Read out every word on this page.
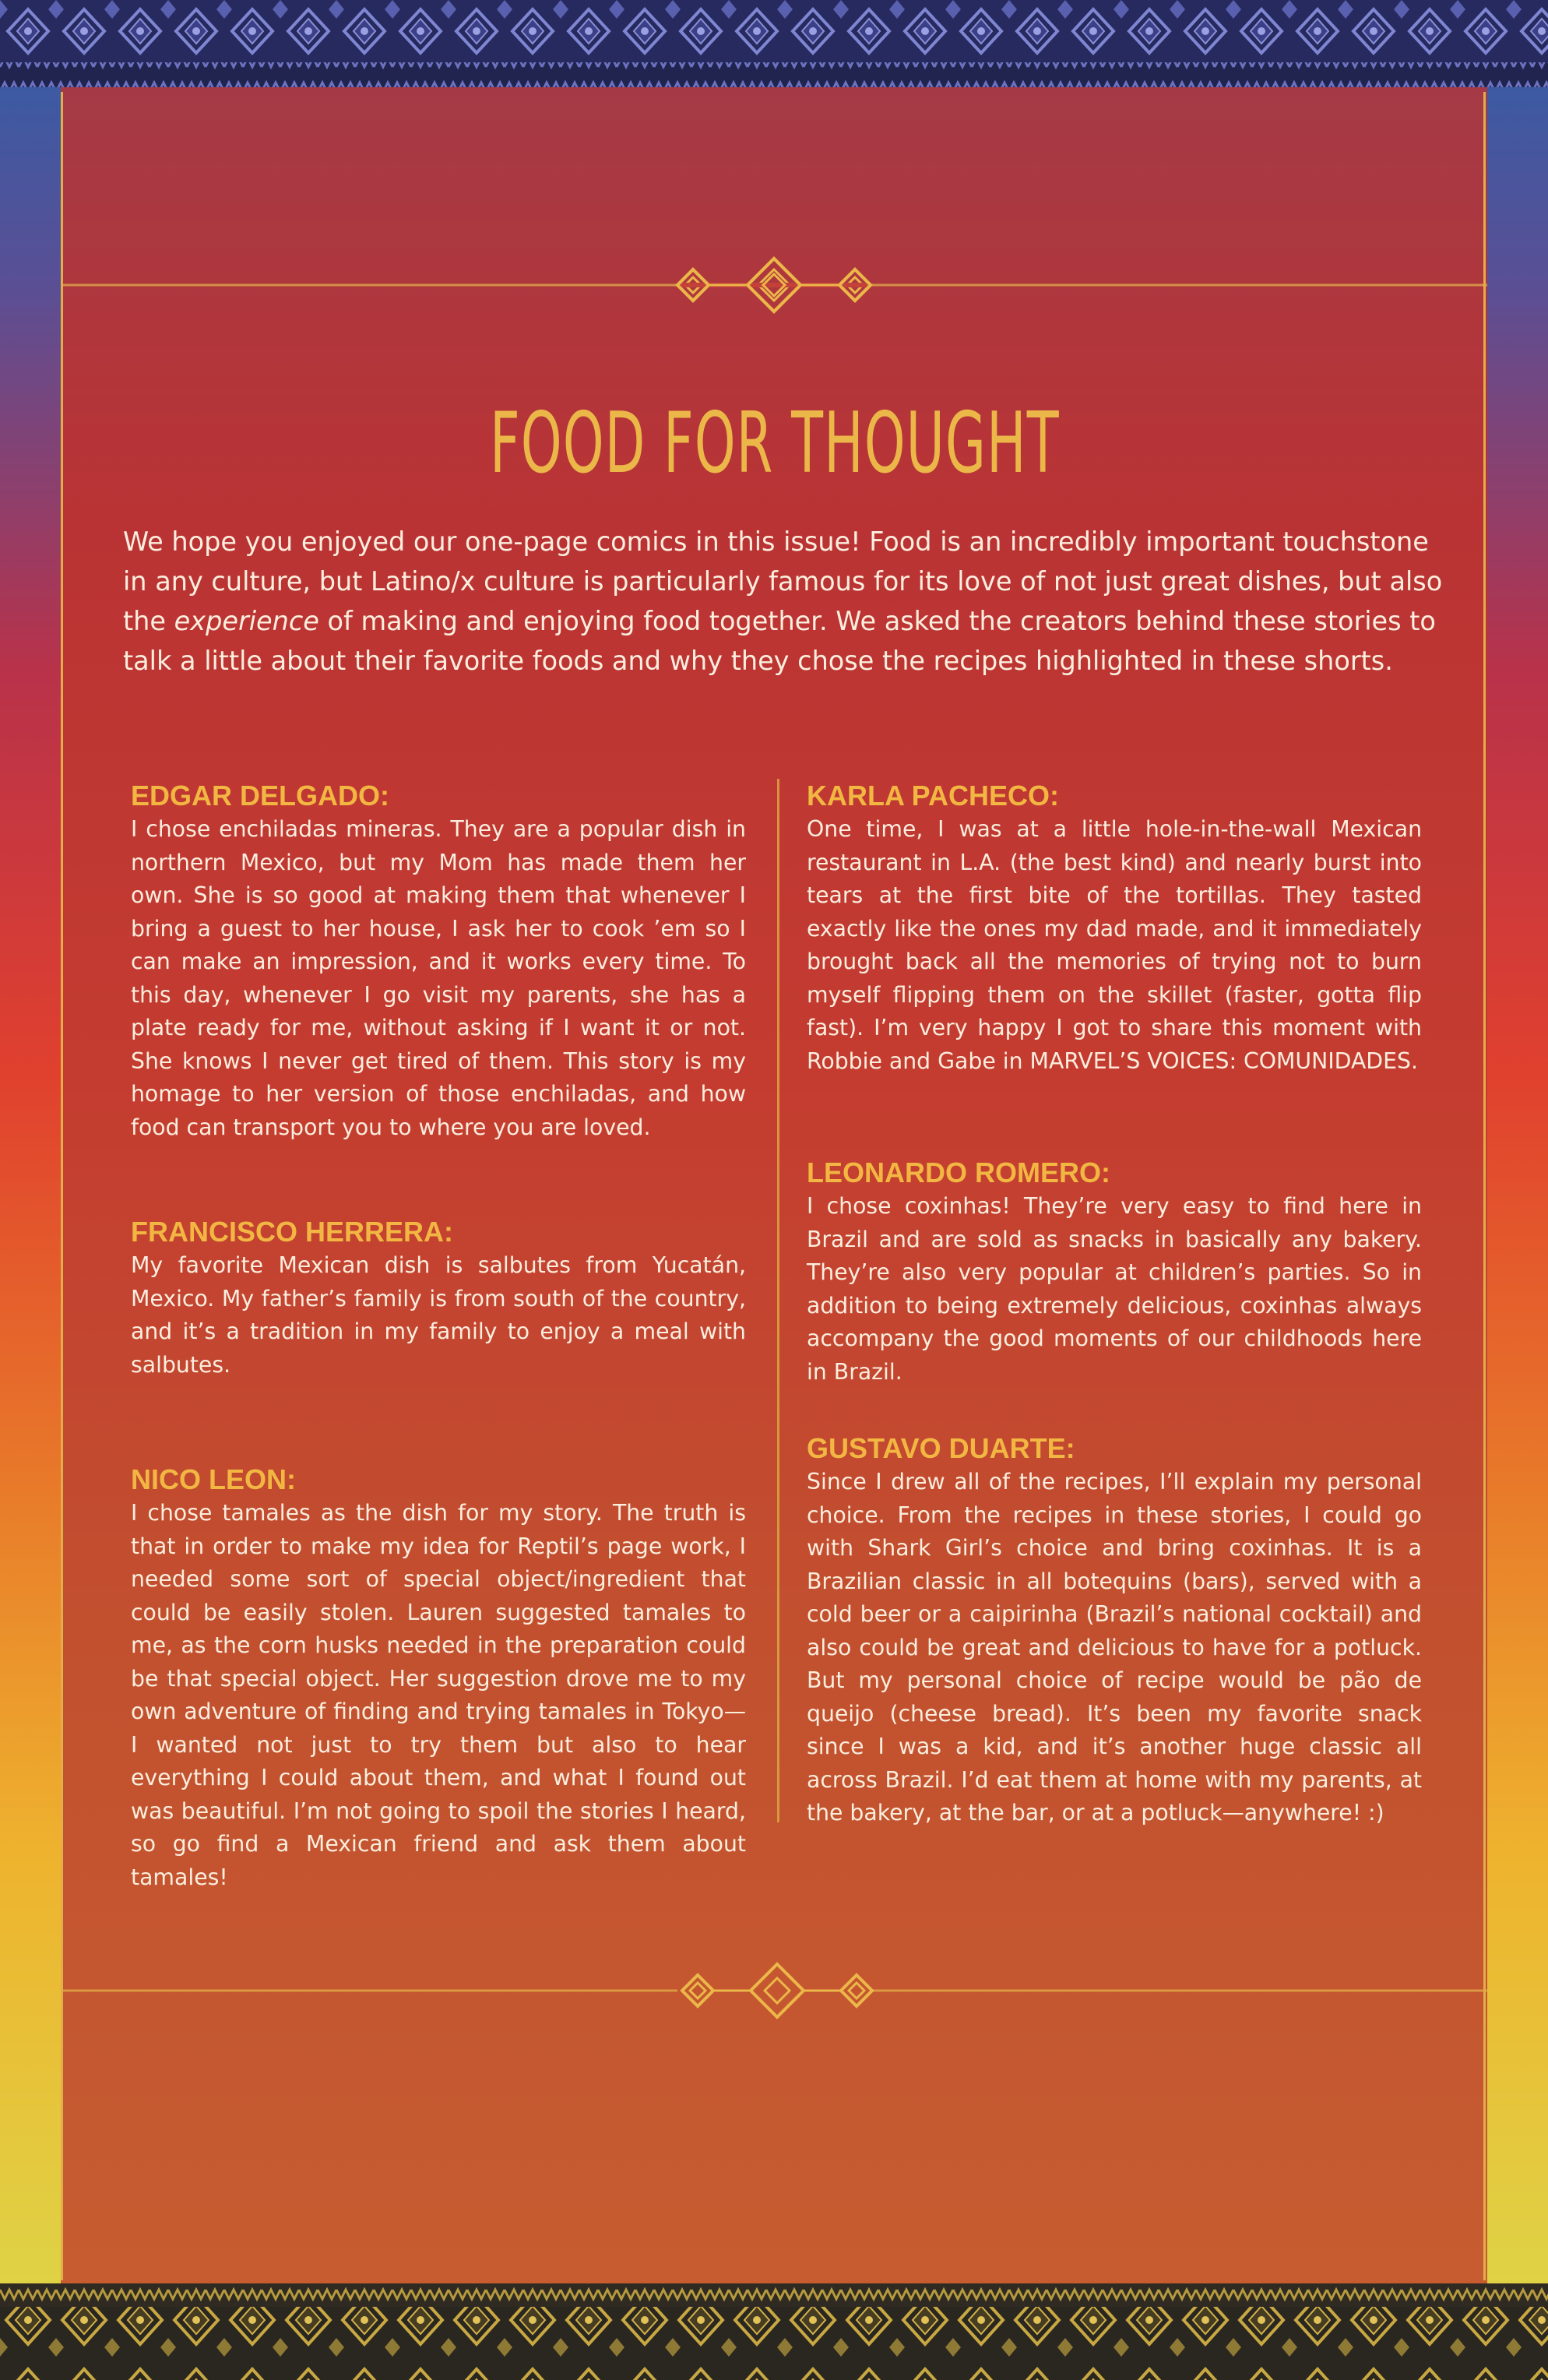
FOOD FOR THOUGHT

We hope you enjoyed our one-page comics in this issue! Food is an incredibly important touchstone in any culture, but Latino/x culture is particularly famous for its love of not just great dishes, but also the experience of making and enjoying food together. We asked the creators behind these stories to talk a little about their favorite foods and why they chose the recipes highlighted in these shorts.

EDGAR DELGADO:

I chose enchiladas mineras. They are a popular dish in northern Mexico, but my Mom has made them her own. She is so good at making them that whenever I bring a guest to her house, I ask her to cook ’em so I can make an impression, and it works every time. To this day, whenever I go visit my parents, she has a plate ready for me, without asking if I want it or not. She knows I never get tired of them. This story is my homage to her version of those enchiladas, and how food can transport you to where you are loved.

FRANCISCO HERRERA:

My favorite Mexican dish is salbutes from Yucatán, Mexico. My father’s family is from south of the country, and it’s a tradition in my family to enjoy a meal with salbutes.

NICO LEON:

I chose tamales as the dish for my story. The truth is that in order to make my idea for Reptil’s page work, I needed some sort of special object/ingredient that could be easily stolen. Lauren suggested tamales to me, as the corn husks needed in the preparation could be that special object. Her suggestion drove me to my own adventure of finding and trying tamales in Tokyo—I wanted not just to try them but also to hear everything I could about them, and what I found out was beautiful. I’m not going to spoil the stories I heard, so go find a Mexican friend and ask them about tamales!

KARLA PACHECO:

One time, I was at a little hole-in-the-wall Mexican restaurant in L.A. (the best kind) and nearly burst into tears at the first bite of the tortillas. They tasted exactly like the ones my dad made, and it immediately brought back all the memories of trying not to burn myself flipping them on the skillet (faster, gotta flip fast). I’m very happy I got to share this moment with Robbie and Gabe in MARVEL’S VOICES: COMUNIDADES.

LEONARDO ROMERO:

I chose coxinhas! They’re very easy to find here in Brazil and are sold as snacks in basically any bakery. They’re also very popular at children’s parties. So in addition to being extremely delicious, coxinhas always accompany the good moments of our childhoods here in Brazil.

GUSTAVO DUARTE:

Since I drew all of the recipes, I’ll explain my personal choice. From the recipes in these stories, I could go with Shark Girl’s choice and bring coxinhas. It is a Brazilian classic in all botequins (bars), served with a cold beer or a caipirinha (Brazil’s national cocktail) and also could be great and delicious to have for a potluck. But my personal choice of recipe would be pão de queijo (cheese bread). It’s been my favorite snack since I was a kid, and it’s another huge classic all across Brazil. I’d eat them at home with my parents, at the bakery, at the bar, or at a potluck—anywhere! :)
